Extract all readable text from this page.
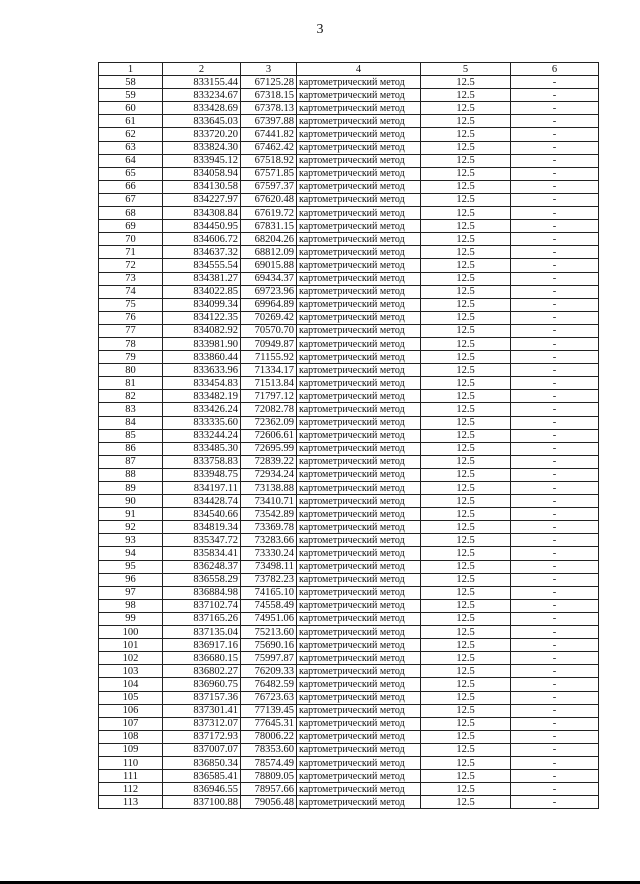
3
1	2	3	4	5	6
58	833155.44	67125.28	картометрический метод	12.5	-
59	833234.67	67318.15	картометрический метод	12.5	-
60	833428.69	67378.13	картометрический метод	12.5	-
61	833645.03	67397.88	картометрический метод	12.5	-
62	833720.20	67441.82	картометрический метод	12.5	-
63	833824.30	67462.42	картометрический метод	12.5	-
64	833945.12	67518.92	картометрический метод	12.5	-
65	834058.94	67571.85	картометрический метод	12.5	-
66	834130.58	67597.37	картометрический метод	12.5	-
67	834227.97	67620.48	картометрический метод	12.5	-
68	834308.84	67619.72	картометрический метод	12.5	-
69	834450.95	67831.15	картометрический метод	12.5	-
70	834606.72	68204.26	картометрический метод	12.5	-
71	834637.32	68812.09	картометрический метод	12.5	-
72	834555.54	69015.88	картометрический метод	12.5	-
73	834381.27	69434.37	картометрический метод	12.5	-
74	834022.85	69723.96	картометрический метод	12.5	-
75	834099.34	69964.89	картометрический метод	12.5	-
76	834122.35	70269.42	картометрический метод	12.5	-
77	834082.92	70570.70	картометрический метод	12.5	-
78	833981.90	70949.87	картометрический метод	12.5	-
79	833860.44	71155.92	картометрический метод	12.5	-
80	833633.96	71334.17	картометрический метод	12.5	-
81	833454.83	71513.84	картометрический метод	12.5	-
82	833482.19	71797.12	картометрический метод	12.5	-
83	833426.24	72082.78	картометрический метод	12.5	-
84	833335.60	72362.09	картометрический метод	12.5	-
85	833244.24	72606.61	картометрический метод	12.5	-
86	833485.30	72695.99	картометрический метод	12.5	-
87	833758.83	72839.22	картометрический метод	12.5	-
88	833948.75	72934.24	картометрический метод	12.5	-
89	834197.11	73138.88	картометрический метод	12.5	-
90	834428.74	73410.71	картометрический метод	12.5	-
91	834540.66	73542.89	картометрический метод	12.5	-
92	834819.34	73369.78	картометрический метод	12.5	-
93	835347.72	73283.66	картометрический метод	12.5	-
94	835834.41	73330.24	картометрический метод	12.5	-
95	836248.37	73498.11	картометрический метод	12.5	-
96	836558.29	73782.23	картометрический метод	12.5	-
97	836884.98	74165.10	картометрический метод	12.5	-
98	837102.74	74558.49	картометрический метод	12.5	-
99	837165.26	74951.06	картометрический метод	12.5	-
100	837135.04	75213.60	картометрический метод	12.5	-
101	836917.16	75690.16	картометрический метод	12.5	-
102	836680.15	75997.87	картометрический метод	12.5	-
103	836802.27	76209.33	картометрический метод	12.5	-
104	836960.75	76482.59	картометрический метод	12.5	-
105	837157.36	76723.63	картометрический метод	12.5	-
106	837301.41	77139.45	картометрический метод	12.5	-
107	837312.07	77645.31	картометрический метод	12.5	-
108	837172.93	78006.22	картометрический метод	12.5	-
109	837007.07	78353.60	картометрический метод	12.5	-
110	836850.34	78574.49	картометрический метод	12.5	-
111	836585.41	78809.05	картометрический метод	12.5	-
112	836946.55	78957.66	картометрический метод	12.5	-
113	837100.88	79056.48	картометрический метод	12.5	-
